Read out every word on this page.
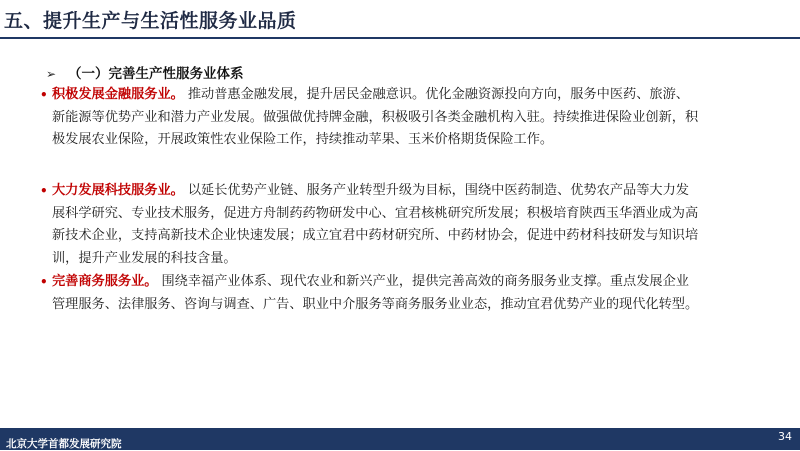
五、提升生产与生活性服务业品质
➢ （一）完善生产性服务业体系
• 积极发展金融服务业。 推动普惠金融发展，提升居民金融意识。优化金融资源投向方向，服务中医药、旅游、新能源等优势产业和潜力产业发展。做强做优持牌金融，积极吸引各类金融机构入驻。持续推进保险业创新，积极发展农业保险，开展政策性农业保险工作，持续推动苹果、玉米价格期货保险工作。
• 大力发展科技服务业。 以延长优势产业链、服务产业转型升级为目标，围绕中医药制造、优势农产品等大力发展科学研究、专业技术服务，促进方舟制药药物研发中心、宜君核桃研究所发展；积极培育陕西玉华酒业成为高新技术企业，支持高新技术企业快速发展；成立宜君中药材研究所、中药材协会，促进中药材科技研发与知识培训，提升产业发展的科技含量。
• 完善商务服务业。 围绕幸福产业体系、现代农业和新兴产业，提供完善高效的商务服务业支撑。重点发展企业管理服务、法律服务、咨询与调查、广告、职业中介服务等商务服务业业态，推动宜君优势产业的现代化转型。
北京大学首都发展研究院
34
